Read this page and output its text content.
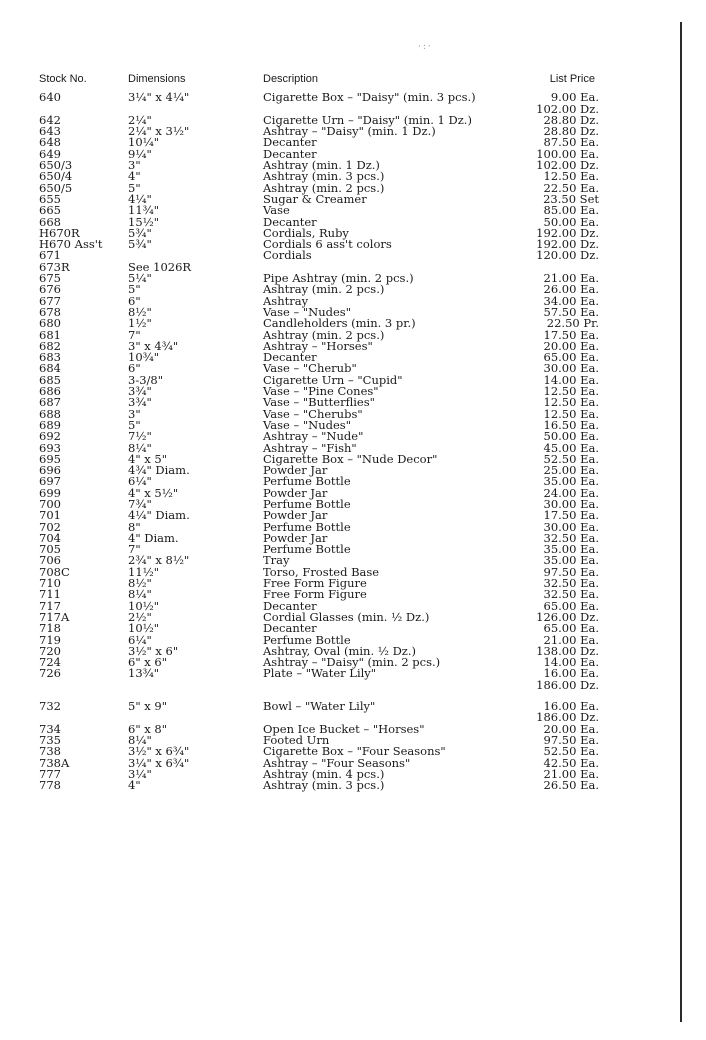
·:·
Stock No.	Dimensions	Description	List Price
640	3¼" x 4¼"	Cigarette Box – "Daisy" (min. 3 pcs.)	9.00 Ea.
102.00 Dz.
642	2¼"	Cigarette Urn – "Daisy" (min. 1 Dz.)	28.80 Dz.
643	2¼" x 3½"	Ashtray – "Daisy" (min. 1 Dz.)	28.80 Dz.
648	10¼"	Decanter	87.50 Ea.
649	9¼"	Decanter	100.00 Ea.
650/3	3"	Ashtray (min. 1 Dz.)	102.00 Dz.
650/4	4"	Ashtray (min. 3 pcs.)	12.50 Ea.
650/5	5"	Ashtray (min. 2 pcs.)	22.50 Ea.
655	4¼"	Sugar & Creamer	23.50 Set
665	11¾"	Vase	85.00 Ea.
668	15½"	Decanter	50.00 Ea.
H670R	5¾"	Cordials, Ruby	192.00 Dz.
H670 Ass't 5¾"	Cordials 6 ass't colors	192.00 Dz.
671	Cordials	120.00 Dz.
673R	See 1026R
675	5¼"	Pipe Ashtray (min. 2 pcs.)	21.00 Ea.
676	5"	Ashtray (min. 2 pcs.)	26.00 Ea.
677	6"	Ashtray	34.00 Ea.
678	8½"	Vase – "Nudes"	57.50 Ea.
680	1½"	Candleholders (min. 3 pr.)	22.50 Pr.
681	7"	Ashtray (min. 2 pcs.)	17.50 Ea.
682	3" x 4¾"	Ashtray – "Horses"	20.00 Ea.
683	10¾"	Decanter	65.00 Ea.
684	6"	Vase – "Cherub"	30.00 Ea.
685	3-3/8"	Cigarette Urn – "Cupid"	14.00 Ea.
686	3¾"	Vase – "Pine Cones"	12.50 Ea.
687	3¾"	Vase – "Butterflies"	12.50 Ea.
688	3"	Vase – "Cherubs"	12.50 Ea.
689	5"	Vase – "Nudes"	16.50 Ea.
692	7½"	Ashtray – "Nude"	50.00 Ea.
693	8¼"	Ashtray – "Fish"	45.00 Ea.
695	4" x 5"	Cigarette Box – "Nude Decor"	52.50 Ea.
696	4¾" Diam.	Powder Jar	25.00 Ea.
697	6¼"	Perfume Bottle	35.00 Ea.
699	4" x 5½"	Powder Jar	24.00 Ea.
700	7¾"	Perfume Bottle	30.00 Ea.
701	4¼" Diam.	Powder Jar	17.50 Ea.
702	8"	Perfume Bottle	30.00 Ea.
704	4" Diam.	Powder Jar	32.50 Ea.
705	7"	Perfume Bottle	35.00 Ea.
706	2¾" x 8½"	Tray	35.00 Ea.
708C	11½"	Torso, Frosted Base	97.50 Ea.
710	8½"	Free Form Figure	32.50 Ea.
711	8¼"	Free Form Figure	32.50 Ea.
717	10½"	Decanter	65.00 Ea.
717A	2½"	Cordial Glasses (min. ½ Dz.)	126.00 Dz.
718	10½"	Decanter	65.00 Ea.
719	6¼"	Perfume Bottle	21.00 Ea.
720	3½" x 6"	Ashtray, Oval (min. ½ Dz.)	138.00 Dz.
724	6" x 6"	Ashtray – "Daisy" (min. 2 pcs.)	14.00 Ea.
726	13¾"	Plate – "Water Lily"	16.00 Ea.
186.00 Dz.
732	5" x 9"	Bowl – "Water Lily"	16.00 Ea.
186.00 Dz.
734	6" x 8"	Open Ice Bucket – "Horses"	20.00 Ea.
735	8¼"	Footed Urn	97.50 Ea.
738	3½" x 6¾"	Cigarette Box – "Four Seasons"	52.50 Ea.
738A	3¼" x 6¾"	Ashtray – "Four Seasons"	42.50 Ea.
777	3¼"	Ashtray (min. 4 pcs.)	21.00 Ea.
778	4"	Ashtray (min. 3 pcs.)	26.50 Ea.
